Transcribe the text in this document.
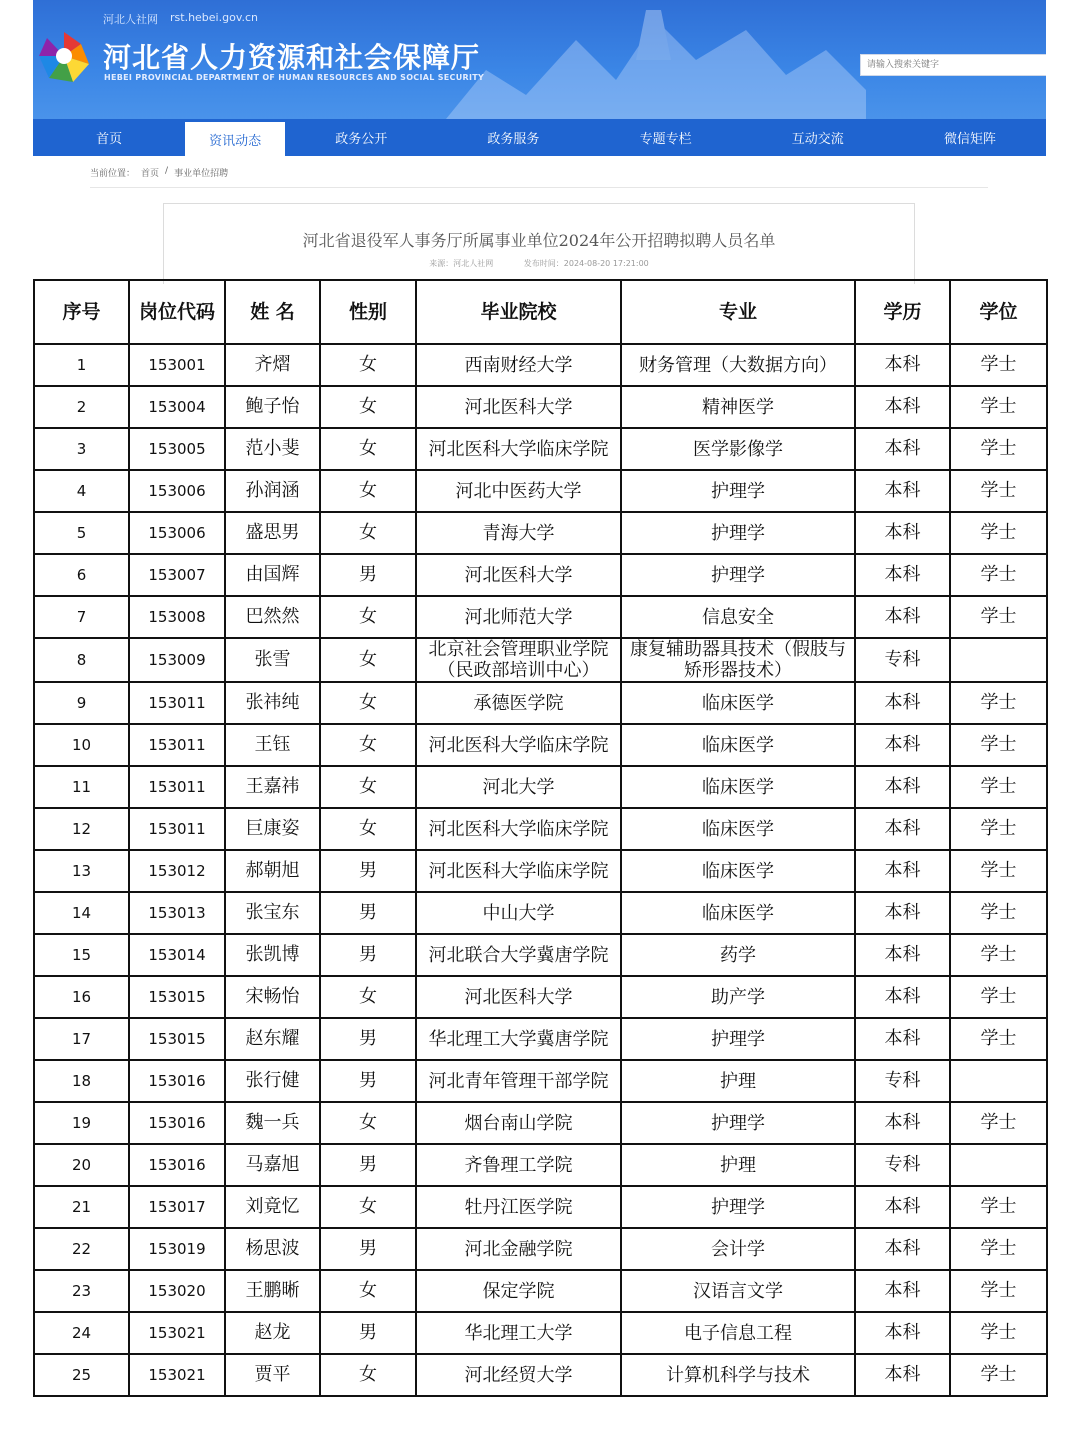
河北人社网 rst.hebei.gov.cn
河北省人力资源和社会保障厅
HEBEI PROVINCIAL DEPARTMENT OF HUMAN RESOURCES AND SOCIAL SECURITY
请输入搜索关键字
首页	资讯动态	政务公开	政务服务	专题专栏	互动交流	微信矩阵
当前位置： 首页 / 事业单位招聘
河北省退役军人事务厅所属事业单位2024年公开招聘拟聘人员名单
来源：河北人社网	发布时间：2024-08-20 17:21:00
序号	岗位代码	姓 名	性别	毕业院校	专业	学历	学位
1	153001	齐熠	女	西南财经大学	财务管理（大数据方向）	本科	学士
2	153004	鲍子怡	女	河北医科大学	精神医学	本科	学士
3	153005	范小斐	女	河北医科大学临床学院	医学影像学	本科	学士
4	153006	孙润涵	女	河北中医药大学	护理学	本科	学士
5	153006	盛思男	女	青海大学	护理学	本科	学士
6	153007	由国辉	男	河北医科大学	护理学	本科	学士
7	153008	巴然然	女	河北师范大学	信息安全	本科	学士
8	153009	张雪	女	北京社会管理职业学院（民政部培训中心）	康复辅助器具技术（假肢与矫形器技术）	专科	
9	153011	张祎纯	女	承德医学院	临床医学	本科	学士
10	153011	王钰	女	河北医科大学临床学院	临床医学	本科	学士
11	153011	王嘉祎	女	河北大学	临床医学	本科	学士
12	153011	巨康姿	女	河北医科大学临床学院	临床医学	本科	学士
13	153012	郝朝旭	男	河北医科大学临床学院	临床医学	本科	学士
14	153013	张宝东	男	中山大学	临床医学	本科	学士
15	153014	张凯博	男	河北联合大学冀唐学院	药学	本科	学士
16	153015	宋畅怡	女	河北医科大学	助产学	本科	学士
17	153015	赵东耀	男	华北理工大学冀唐学院	护理学	本科	学士
18	153016	张行健	男	河北青年管理干部学院	护理	专科	
19	153016	魏一兵	女	烟台南山学院	护理学	本科	学士
20	153016	马嘉旭	男	齐鲁理工学院	护理	专科	
21	153017	刘竟忆	女	牡丹江医学院	护理学	本科	学士
22	153019	杨思波	男	河北金融学院	会计学	本科	学士
23	153020	王鹏晰	女	保定学院	汉语言文学	本科	学士
24	153021	赵龙	男	华北理工大学	电子信息工程	本科	学士
25	153021	贾平	女	河北经贸大学	计算机科学与技术	本科	学士
